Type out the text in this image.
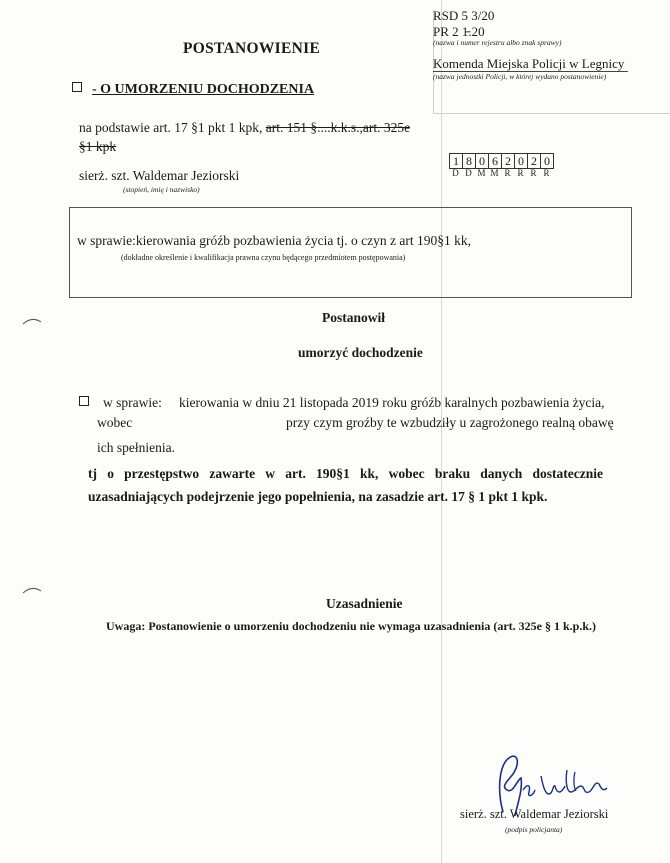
RSD 5 3/20
PR 2 1̵̵̵.20
(nazwa i numer rejestru albo znak sprawy)
Komenda Miejska Policji w Legnicy
(nazwa jednostki Policji, w której wydano postanowienie)
POSTANOWIENIE
- O UMORZENIU DOCHODZENIA
na podstawie art. 17 §1 pkt 1 kpk, art. 151 §....k.k.s.,art. 325e §1 kpk
sierż. szt. Waldemar Jeziorski
(stopień, imię i nazwisko)
1 8 0 6 2 0 2 0
D D M M R R R R
w sprawie:kierowania gróźb pozbawienia życia tj. o czyn z art 190§1 kk,
(dokładne określenie i kwalifikacja prawna czynu będącego przedmiotem postępowania)
Postanowił
umorzyć dochodzenie
w sprawie: kierowania w dniu 21 listopada 2019 roku gróźb karalnych pozbawienia życia,
wobec	przy czym groźby te wzbudziły u zagrożonego realną obawę
ich spełnienia.
tj o przestępstwo zawarte w art. 190§1 kk, wobec braku danych dostatecznie uzasadniających podejrzenie jego popełnienia, na zasadzie art. 17 § 1 pkt 1 kpk.
Uzasadnienie
Uwaga: Postanowienie o umorzeniu dochodzeniu nie wymaga uzasadnienia (art. 325e § 1 k.p.k.)
sierż. szt. Waldemar Jeziorski
(podpis policjanta)
